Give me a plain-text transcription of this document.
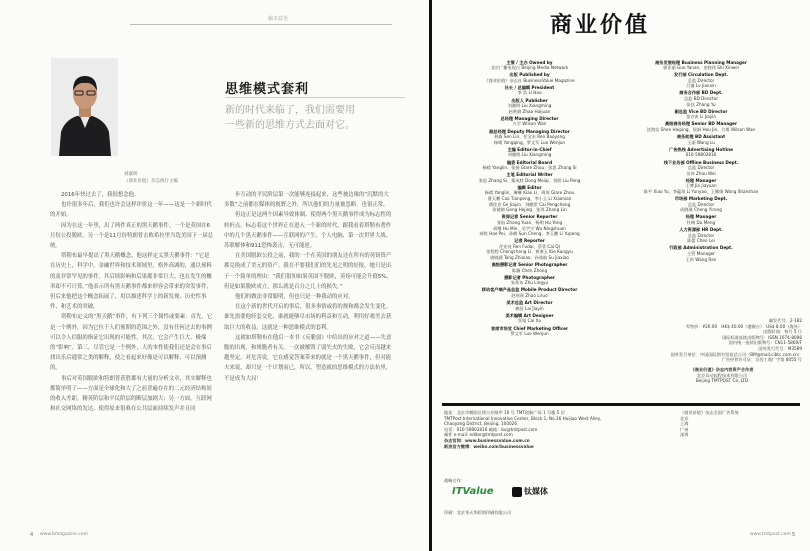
稿本意语
刘嘉明
《商业价值》杂志执行主编
思维模式套利
新的时代来临了，我们需要用
一些新的思维方式去面对它。

2016年快过去了，我很想念他。

也许很多年后，我们也许会这样评价这一年——这是一个新时代的开始。

因为在这一年里，出了两件真正的黑天鹅事件。一个是英国在6月份公投脱欧，另一个是11月份特朗普击败希拉里当选美国下一届总统。

塔勒布最早提出了黑天鹅概念，他这样定义黑天鹅事件：“它是在历史上，科学中，金融世界和技术领域里，格外高调的，通以预料的及非常罕见的事件。其后续影响和后果都非常巨大。也在发生的概率却不可计算。”他表示所有黑天鹅事件都来形容会带来的突发事件，但后来他把这个概念拓展了，用以描述科学上的新发现、历史性事件、和艺术的突破。

塔勒布定义的“黑天鹅”事件，有下列三个属性或要素：首先，它是一个例外，因为它位于人们预期的范围之外，没有任何过去的事例可以令人信服的指证它出现的可能性。其次，它会产生巨大、极端的“影响”。第三，尽管它是一个例外，人的本性使我们还是会在事后找出乐后通常之类的解释，使之看起来好像是可以解释、可以预测的。

事后对英国脱欧和特朗普获胜都有大量的分析文章，其实解释也都简单明了——方面是全球化和大了之前普遍存在的二元经济结构间的收入差距，精英阶层和平民阶层的断层加剧大；另一方面，互联网和社交网络的发达，使得原来很难在公共层面持续发声并且同

步互动的平民阶层第一次能够连接起来，这些被边缘的“沉默的大多数”之前都在媒体的视野之外，所以他们的力量被忽略，也很正常。

但这正是这两个因素导致体制、使得两个黑天鹅事件成为标志性的转折点。标志着这个世界正在进入一个新的时代，跟我看着塔勒布著作中的几个黑天鹅事件——互联网的产生、个人电脑、第一次世界大战、苏联解体和911恐怖袭击，无可能逆。

在美国脱欧公投之前，我的一个在英国的朋友还在所有的英镑资产都兑换成了美元的资产。我在不要我们们的先见之明的好报，她只是出于一个简单的理由：“我们很知如果英国不脱欧，英镑可能会升值5%，但是如果脱欧成立，那么就是百分之几十的损失。”

他们的做法非常聪明，但也只是一种我动的应对。

在这个新的世代开启的事后，很多事情或将的规和都会发生变化。谁先需要他经套交化，谁就能够尽市场的利益和互动，利用好观差去获取巨大的收益。这就是一种思维模式的套利。

这就如塔勒布在他后一本书《反脆弱》中给出的应对之道——失意脆的出现，和规脆者有关。一次被摧毁了弱失火的失败，它会反而越来越坚定，对危害说，它在感觉答案带来的就是一个黑天鹅事件，但对能夫来说，却只是一个计划而已，所以，塑造就的思维模式的方法抗里，不是成为大局！

4 www.bmagazine.com
商业价值
主管 / 主办 Owned by
北京广播电视台 Beijing Media Network
出版 Published by
《商业价值》杂志社 BusinessValue Magazine
社长 / 总编辑 President
李 浩 Li Hao
出版人 Publisher
刘湘明 Liu Xiangming
赵黄娟 Zhao Haijuan
总经理 Managing Director
万学 Wilson Wan
副总经理 Deputy Managing Director
林森 Sen Lin、任宝永 Ren Baoyong
杨晴 Yangqing、罗文军 Luo Wenjun
主编 Editor-in-Chief
刘湘明 Liu Xiangming
编委 Editorial Board
杨晴 Yanglin、张扬 Glare Zhou、张思 Zhang Si
主笔 Editorial Writer
张思 Zhang Si、董成胖 Dong Meiqi、刘朋 Liu Peng
编辑 Editor
杨晴 Yanglin、琳琳 Kiao Li、周周 Glare Zhou
曹天鹏 Cao Tianpeng、李小玉 Li Xiaonian
谭佳音 Ge Jiayin、刘鹏蛋 Cai Pengcheng
张婧婧 Gong Hojing、张琼 Zhang Lin
资深记者 Senior Reporter
张焰 Zhang Yuan、杨明 Hu Yong
胡继 Hu Min、吴宇兴 Wu Ningshuan
郝悦 Hao Pei、孙鹤 Sun Cheng、李玉鹏 Li Yupeng
记者 Reporter
任宏亮 Ren Fudai、蔡菲 Cai Qi
张程程 Chengcheng Li、黄康玉 Kie Kangyu
唐晓涵 Tang Zhixiao、孙逸航 Su Jiaxiao
高级摄影记者 Senior Photographer
陈瀚 Chen Zhong
摄影记者 Photographer
朱拜东 Zhu Lingyu
移动客户端产品总监 Mobile Product Director
赵瑶瑶 Zhao Liruo
美术总监 Art Director
赖佳 Lai Jiayin
美术编辑 Art Designer
蔡旭 Cai Xu
首席市场官 Chief Marketing Officer
罗文军 Luo Wenjun
商务发展经理 Business Planning Manager
郭亚丽 Guo Yanan、史晓玮 Shi Xinwei
发行部 Circulation Dept.
总监 Director
吕谦 Lv Jianxin
商务合作部 BD Dept.
总监 BD Director
张钰 Zhang Yu
副总监 Vice BD Director
金吉寅 Li Jiayin
高级商务经理 Senior BD Manager
沈海宾 Shen Haiping、侯娟 Hou Jie、方维 Wilson Wan
商务助理 BD Assistant
王丽 Wang Lu
广告热线 Advertising Hotline
010-59802816
线下业务部 Offline Business Dept.
总监 Director
吴伟 Zhou Wei
经理 Manager
王博 Jia Jiayuan
陈平 Xiao Yu、李蕴瑄 Li Yunyao、王娜娟 Wang Shanshan
市场部 Marketing Dept.
总监 Director
成晓瑛 Cheng Yirong
经理 Manager
杜梅 Du Meng
人力资源部 HR Dept.
总监 Director
陈蕾 Chen Lei
行政部 Administration Dept.
主管 Manager
王冉 Wang Ran
邮发代号：2-182
零售价：¥20.00　HK$ 40.00（港澳台）　US$ 8.00（海外）
出版时间：每月 5 日
国际标准连续出版物号：ISSN 1674-8096
国内统一连续出版物号：CN11-5860/F
国外发行代号：M3589
国外发行单位：中国国际图书贸易总公司（BM@mail.cibtc.com.cn）
广告经营许可证：京西工商广字第 8055 号
《商业价值》杂志内容资产合作者
北京贝动起程技术有限公司
Beijing TMTPOST Co.,LTD
地址：北京市朝阳区将台乡路甲 10 号 TMT创新广场 1 号楼 5 层
TMTPost International Innovative Center, Block 1, No.36 Huijiao West Alley,
Chaoyang District, Beijing, 100026
电话：010-59802816 邮箱：bv@tmtpost.com
邮件 e-mail: editor@tmtpost.com
杂志官网：www.businessvalue.com.cn
新浪官方微博：weibo.com/businessvalue
《商业价值》杂志全国广告系统
北京
上海
广州
深圳
战略合作：
ITValue	钛媒体
印刷：北京华天华彩图印刷有限公司
www.tmtpost.com 5
